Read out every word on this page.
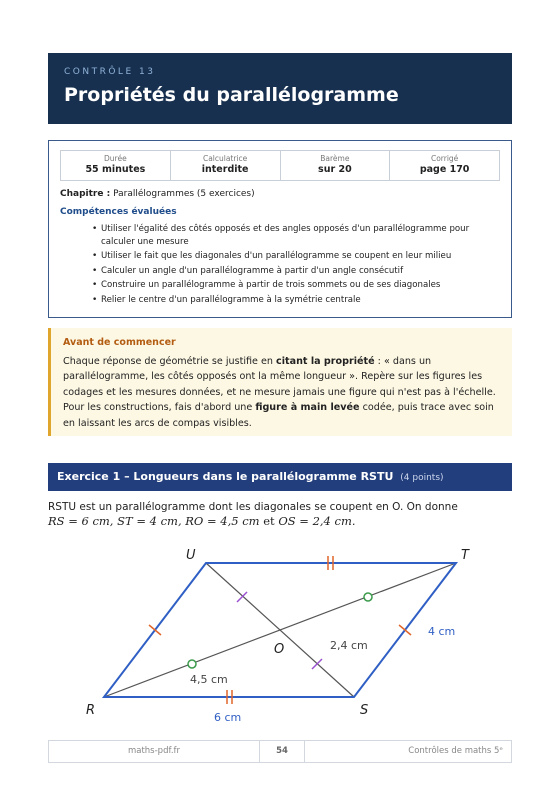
CONTRÔLE 13
Propriétés du parallélogramme
Durée
55 minutes
Calculatrice
interdite
Barème
sur 20
Corrigé
page 170
Chapitre : Parallélogrammes (5 exercices)
Compétences évaluées
• Utiliser l'égalité des côtés opposés et des angles opposés d'un parallélogramme pour calculer une mesure
• Utiliser le fait que les diagonales d'un parallélogramme se coupent en leur milieu
• Calculer un angle d'un parallélogramme à partir d'un angle consécutif
• Construire un parallélogramme à partir de trois sommets ou de ses diagonales
• Relier le centre d'un parallélogramme à la symétrie centrale
Avant de commencer

Chaque réponse de géométrie se justifie en citant la propriété : « dans un parallélogramme, les côtés opposés ont la même longueur ». Repère sur les figures les codages et les mesures données, et ne mesure jamais une figure qui n'est pas à l'échelle. Pour les constructions, fais d'abord une figure à main levée codée, puis trace avec soin en laissant les arcs de compas visibles.

Exercice 1 – Longueurs dans le parallélogramme RSTU (4 points)
RSTU est un parallélogramme dont les diagonales se coupent en O. On donne
RS = 6 cm, ST = 4 cm, RO = 4,5 cm et OS = 2,4 cm.
R	S
T
U
O
6 cm
4 cm
4,5 cm
2,4 cm
maths-pdf.fr	54	Contrôles de maths 5ᵉ
